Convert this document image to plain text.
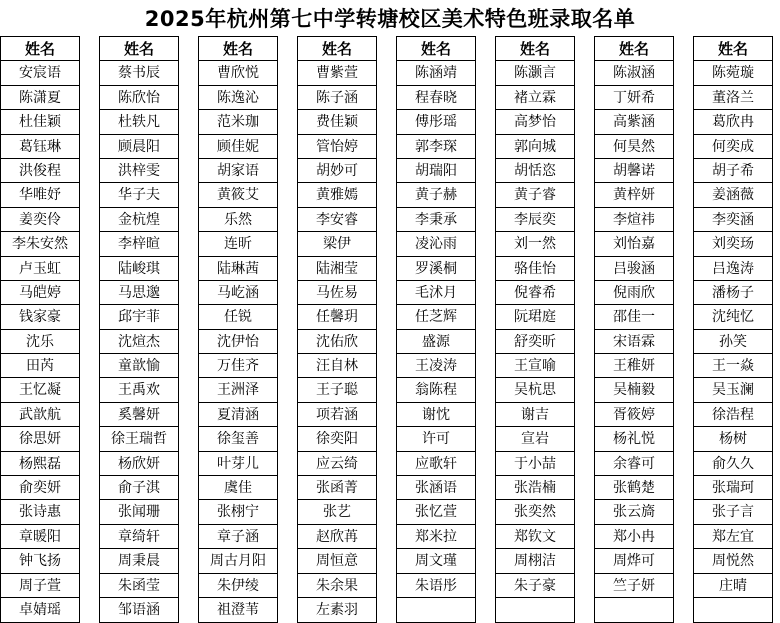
2025年杭州第七中学转塘校区美术特色班录取名单
姓名
安宸语
陈潇夏
杜佳颖
葛钰琳
洪俊程
华唯妤
姜奕伶
李朱安然
卢玉虹
马皑婷
钱家豪
沈乐
田芮
王忆凝
武歆航
徐思妍
杨熙磊
俞奕妍
张诗惠
章暖阳
钟飞扬
周子萱
卓婧瑶
姓名
蔡书辰
陈欣怡
杜轶凡
顾晨阳
洪梓雯
华子夫
金杭煌
李梓暄
陆峻琪
马思邈
邱宇菲
沈煊杰
童歆愉
王禹欢
奚馨妍
徐王瑞哲
杨欣妍
俞子淇
张闻珊
章绮轩
周秉晨
朱函莹
邹语涵
姓名
曹欣悦
陈逸沁
范米珈
顾佳妮
胡家语
黄筱艾
乐然
连昕
陆琳茜
马屹涵
任锐
沈伊怡
万佳齐
王洲泽
夏清涵
徐玺善
叶芽儿
虞佳
张栩宁
章子涵
周古月阳
朱伊绫
祖澄苇
姓名
曹紫萱
陈子涵
费佳颖
管怡婷
胡妙可
黄雅嫣
李安睿
梁伊
陆湘莹
马佐易
任馨玥
沈佑欣
汪自林
王子聪
项若涵
徐奕阳
应云绮
张函菁
张艺
赵欣苒
周恒意
朱余果
左素羽
姓名
陈涵靖
程春晓
傅彤瑶
郭李琛
胡瑞阳
黄子赫
李秉承
凌沁雨
罗溪桐
毛沭月
任芝辉
盛源
王凌涛
翁陈程
谢忱
许可
应歌轩
张涵语
张忆萱
郑米拉
周文瑾
朱语彤

姓名
陈灏言
褚立霖
高梦怡
郭向城
胡恬恣
黄子睿
李辰奕
刘一然
骆佳怡
倪睿希
阮珺庭
舒奕昕
王宣喻
吴杭思
谢吉
宣岩
于小喆
张浩楠
张奕然
郑钦文
周栩洁
朱子豪

姓名
陈淑涵
丁妍希
高紫涵
何昊然
胡馨诺
黄梓妍
李煊祎
刘怡嘉
吕骏涵
倪雨欣
邵佳一
宋语霖
王稚妍
吴楠毅
胥筱婷
杨礼悦
余睿可
张鹤楚
张云旖
郑小冉
周烨可
竺子妍

姓名
陈菀璇
董洛兰
葛欣冉
何奕成
胡子希
姜涵薇
李奕涵
刘奕玚
吕逸涛
潘杨子
沈纯忆
孙笑
王一焱
吴玉澜
徐浩程
杨树
俞久久
张瑞珂
张子言
郑左宜
周悦然
庄晴
